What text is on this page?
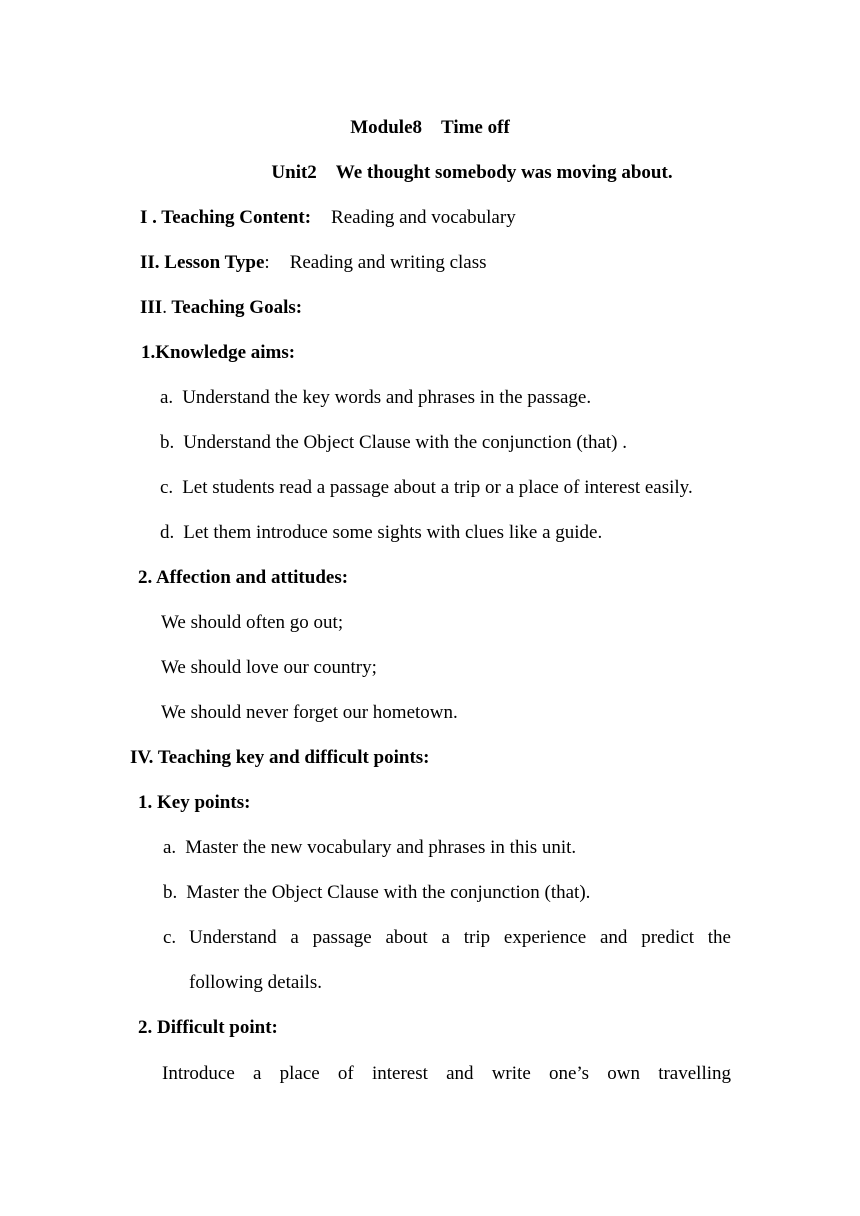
Module8　Time off
Unit2　We thought somebody was moving about.
I . Teaching Content: Reading and vocabulary
II. Lesson Type: Reading and writing class
III. Teaching Goals:
1.Knowledge aims:
a. Understand the key words and phrases in the passage.
b. Understand the Object Clause with the conjunction (that) .
c. Let students read a passage about a trip or a place of interest easily.
d. Let them introduce some sights with clues like a guide.
2. Affection and attitudes:
We should often go out;
We should love our country;
We should never forget our hometown.
IV. Teaching key and difficult points:
1. Key points:
a. Master the new vocabulary and phrases in this unit.
b. Master the Object Clause with the conjunction (that).
c. Understand a passage about a trip experience and predict the
following details.
2. Difficult point:
Introduce a place of interest and write one’s own travelling
